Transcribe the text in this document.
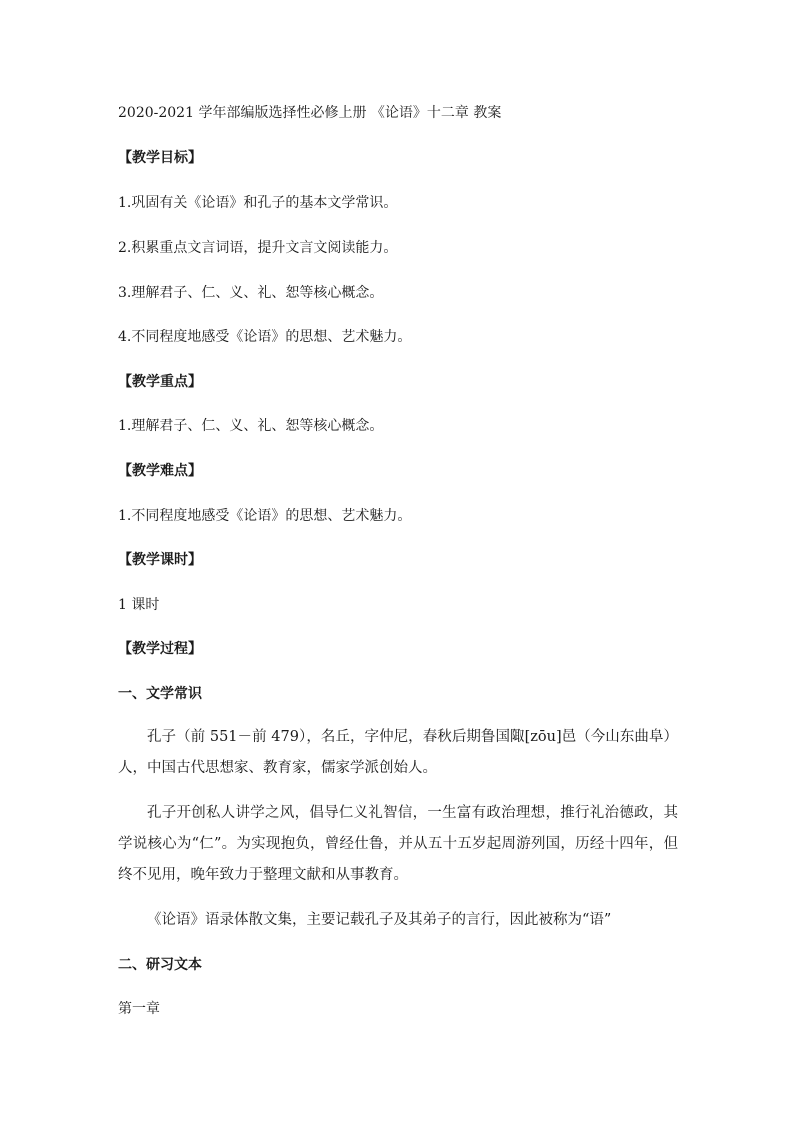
2020-2021 学年部编版选择性必修上册 《论语》十二章 教案
【教学目标】
1.巩固有关《论语》和孔子的基本文学常识。
2.积累重点文言词语，提升文言文阅读能力。
3.理解君子、仁、义、礼、恕等核心概念。
4.不同程度地感受《论语》的思想、艺术魅力。
【教学重点】
1.理解君子、仁、义、礼、恕等核心概念。
【教学难点】
1.不同程度地感受《论语》的思想、艺术魅力。
【教学课时】
1 课时
【教学过程】
一、文学常识
孔子（前 551－前 479），名丘，字仲尼，春秋后期鲁国陬[zōu]邑（今山东曲阜）人，中国古代思想家、教育家，儒家学派创始人。
孔子开创私人讲学之风，倡导仁义礼智信，一生富有政治理想，推行礼治德政，其学说核心为“仁”。为实现抱负，曾经仕鲁，并从五十五岁起周游列国，历经十四年，但终不见用，晚年致力于整理文献和从事教育。
《论语》语录体散文集，主要记载孔子及其弟子的言行，因此被称为“语”
二、研习文本
第一章
